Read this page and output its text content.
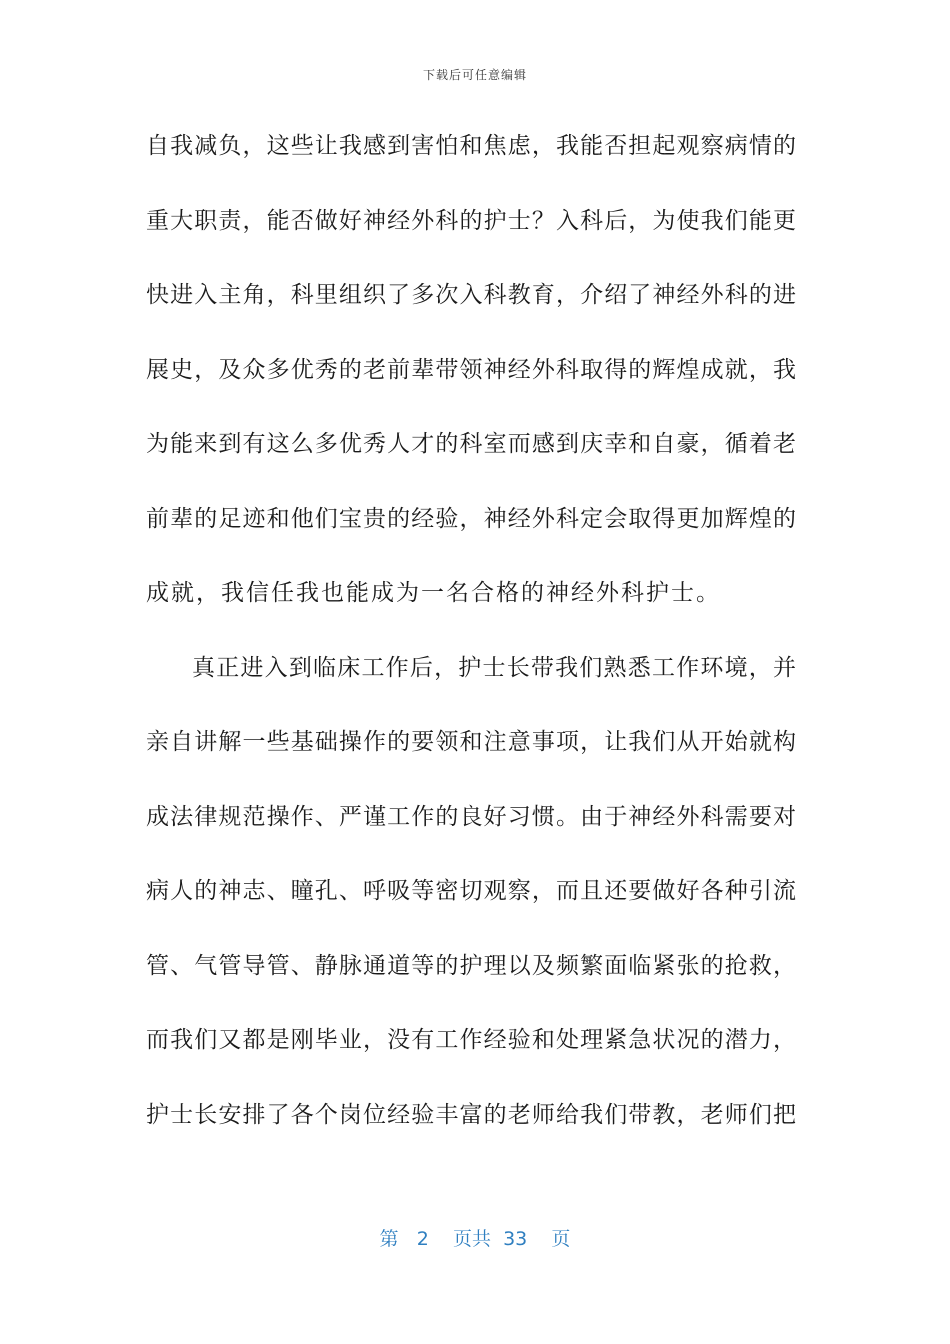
下载后可任意编辑
自我减负，这些让我感到害怕和焦虑，我能否担起观察病情的
重大职责，能否做好神经外科的护士？入科后，为使我们能更
快进入主角，科里组织了多次入科教育，介绍了神经外科的进
展史，及众多优秀的老前辈带领神经外科取得的辉煌成就，我
为能来到有这么多优秀人才的科室而感到庆幸和自豪，循着老
前辈的足迹和他们宝贵的经验，神经外科定会取得更加辉煌的
成就，我信任我也能成为一名合格的神经外科护士。
真正进入到临床工作后，护士长带我们熟悉工作环境，并
亲自讲解一些基础操作的要领和注意事项，让我们从开始就构
成法律规范操作、严谨工作的良好习惯。由于神经外科需要对
病人的神志、瞳孔、呼吸等密切观察，而且还要做好各种引流
管、气管导管、静脉通道等的护理以及频繁面临紧张的抢救，
而我们又都是刚毕业，没有工作经验和处理紧急状况的潜力，
护士长安排了各个岗位经验丰富的老师给我们带教，老师们把
第 2 页共 33 页
